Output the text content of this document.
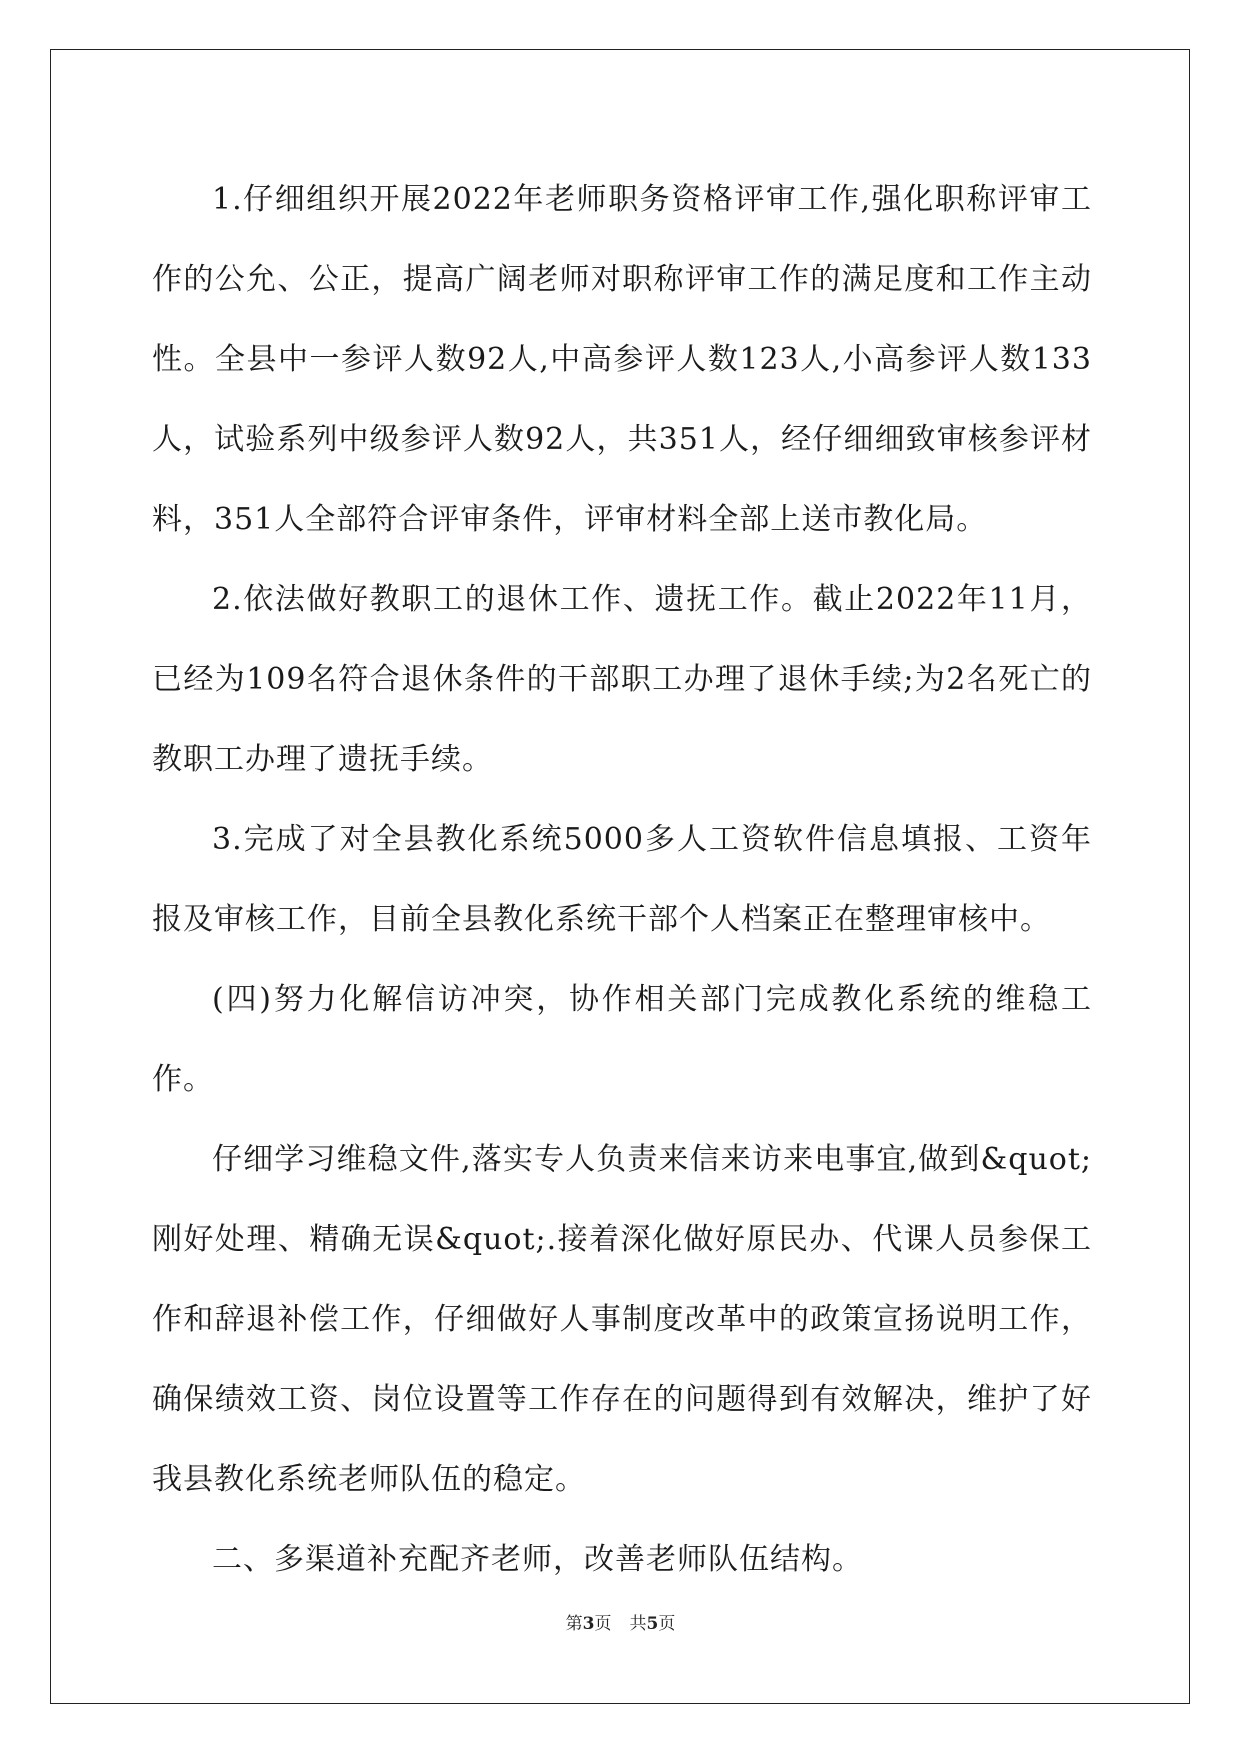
1.仔细组织开展2022年老师职务资格评审工作,强化职称评审工作的公允、公正，提高广阔老师对职称评审工作的满足度和工作主动性。全县中一参评人数92人,中高参评人数123人,小高参评人数133人，试验系列中级参评人数92人，共351人，经仔细细致审核参评材料，351人全部符合评审条件，评审材料全部上送市教化局。

2.依法做好教职工的退休工作、遗抚工作。截止2022年11月，已经为109名符合退休条件的干部职工办理了退休手续;为2名死亡的教职工办理了遗抚手续。

3.完成了对全县教化系统5000多人工资软件信息填报、工资年报及审核工作，目前全县教化系统干部个人档案正在整理审核中。

(四)努力化解信访冲突，协作相关部门完成教化系统的维稳工作。

仔细学习维稳文件,落实专人负责来信来访来电事宜,做到&quot;刚好处理、精确无误&quot;.接着深化做好原民办、代课人员参保工作和辞退补偿工作，仔细做好人事制度改革中的政策宣扬说明工作，确保绩效工资、岗位设置等工作存在的问题得到有效解决，维护了好我县教化系统老师队伍的稳定。

二、多渠道补充配齐老师，改善老师队伍结构。

第3页 共5页
